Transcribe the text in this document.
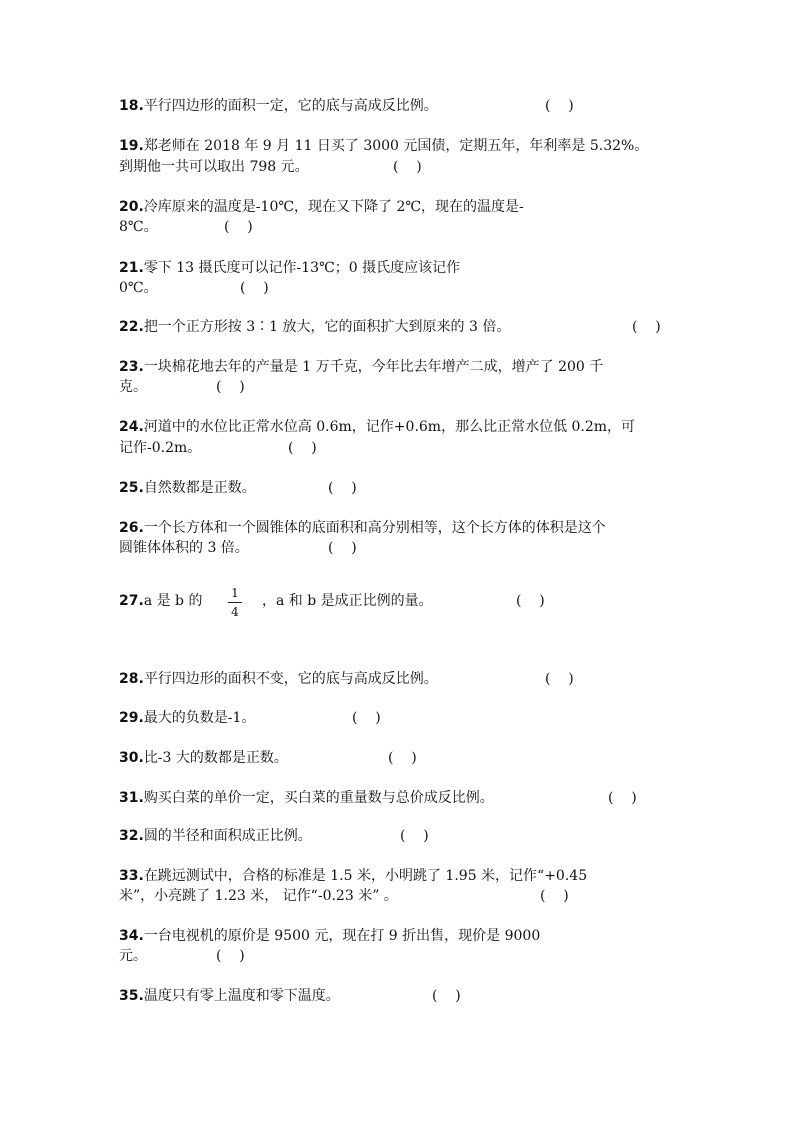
18.平行四边形的面积一定，它的底与高成反比例。	(    )
19.郑老师在 2018 年 9 月 11 日买了 3000 元国债，定期五年，年利率是 5.32%。
到期他一共可以取出 798 元。	(    )
20.冷库原来的温度是-10℃，现在又下降了 2℃，现在的温度是-
8℃。	(    )
21.零下 13 摄氏度可以记作-13℃；0 摄氏度应该记作
0℃。	(    )
22.把一个正方形按 3∶1 放大，它的面积扩大到原来的 3 倍。	(    )
23.一块棉花地去年的产量是 1 万千克，今年比去年增产二成，增产了 200 千
克。	(    )
24.河道中的水位比正常水位高 0.6m，记作+0.6m，那么比正常水位低 0.2m，可
记作-0.2m。	(    )
25.自然数都是正数。	(    )
26.一个长方体和一个圆锥体的底面积和高分别相等，这个长方体的体积是这个
圆锥体体积的 3 倍。	(    )
27.a 是 b 的 1
4
，a 和 b 是成正比例的量。	(    )
28.平行四边形的面积不变，它的底与高成反比例。	(    )
29.最大的负数是-1。	(    )
30.比-3 大的数都是正数。	(    )
31.购买白菜的单价一定，买白菜的重量数与总价成反比例。	(    )
32.圆的半径和面积成正比例。	(    )
33.在跳远测试中，合格的标准是 1.5 米，小明跳了 1.95 米，记作“+0.45
米”，小亮跳了 1.23 米， 记作“-0.23 米” 。	(    )
34.一台电视机的原价是 9500 元，现在打 9 折出售，现价是 9000
元。	(    )
35.温度只有零上温度和零下温度。	(    )
